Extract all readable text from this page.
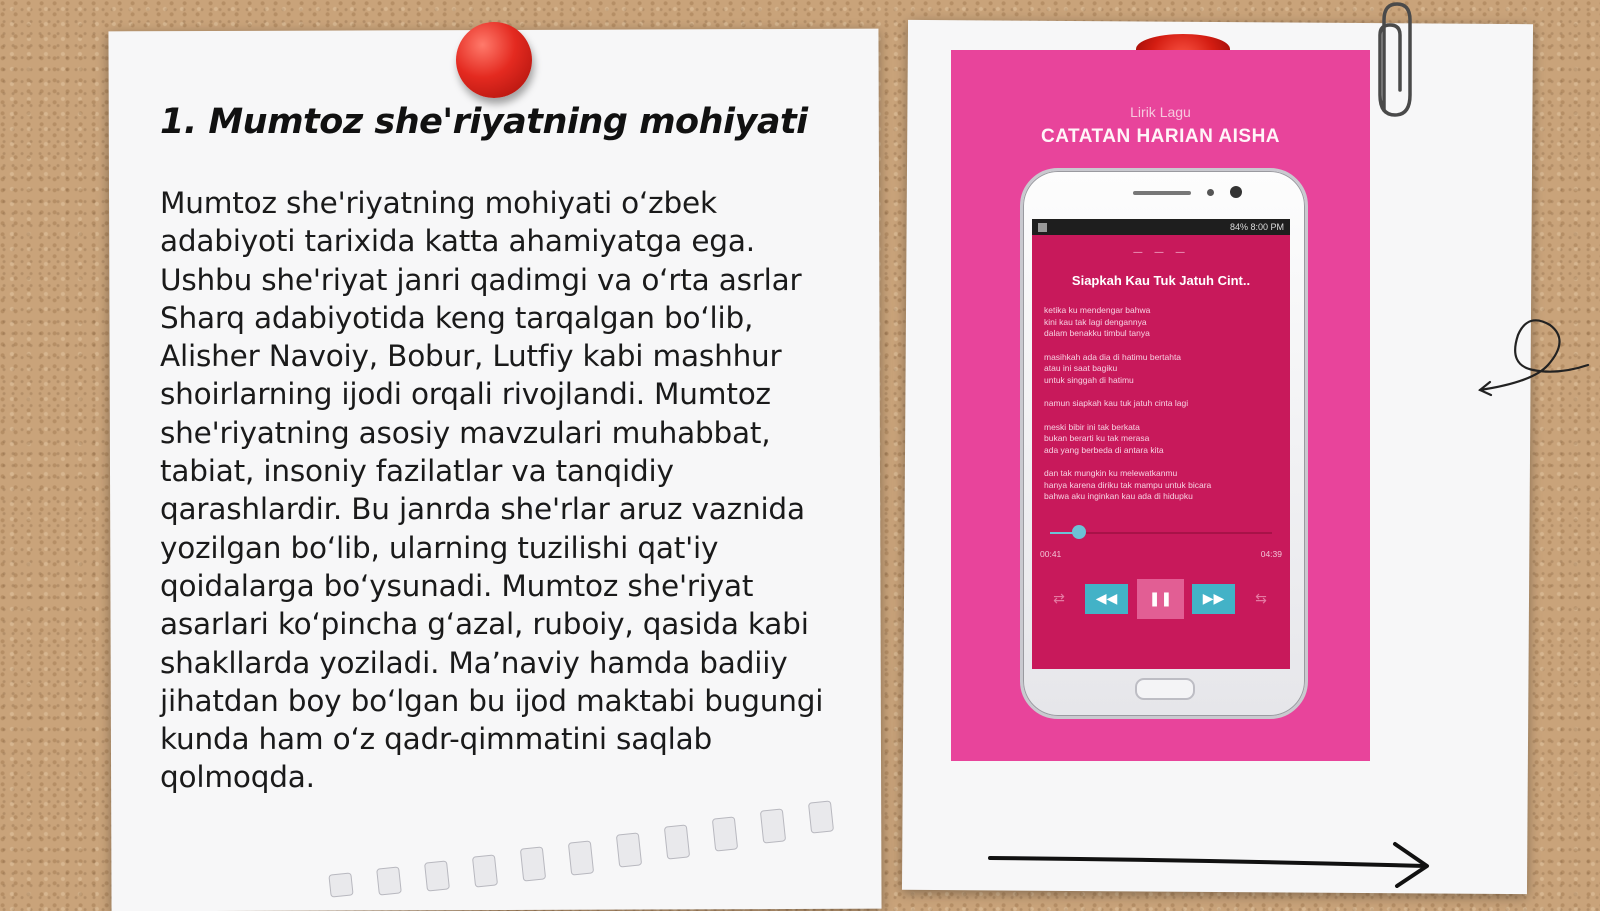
1. Mumtoz she'riyatning mohiyati

Mumtoz she'riyatning mohiyati o‘zbek adabiyoti tarixida katta ahamiyatga ega. Ushbu she'riyat janri qadimgi va o‘rta asrlar Sharq adabiyotida keng tarqalgan bo‘lib, Alisher Navoiy, Bobur, Lutfiy kabi mashhur shoirlarning ijodi orqali rivojlandi. Mumtoz she'riyatning asosiy mavzulari muhabbat, tabiat, insoniy fazilatlar va tanqidiy qarashlardir. Bu janrda she'rlar aruz vaznida yozilgan bo‘lib, ularning tuzilishi qat'iy qoidalarga bo‘ysunadi. Mumtoz she'riyat asarlari ko‘pincha g‘azal, ruboiy, qasida kabi shakllarda yoziladi. Ma’naviy hamda badiiy jihatdan boy bo‘lgan bu ijod maktabi bugungi kunda ham o‘z qadr-qimmatini saqlab qolmoqda.

Lirik Lagu
CATATAN HARIAN AISHA
84% 8:00 PM
— — —
Siapkah Kau Tuk Jatuh Cint..
ketika ku mendengar bahwa
kini kau tak lagi dengannya
dalam benakku timbul tanya
masihkah ada dia di hatimu bertahta
atau ini saat bagiku
untuk singgah di hatimu
namun siapkah kau tuk jatuh cinta lagi
meski bibir ini tak berkata
bukan berarti ku tak merasa
ada yang berbeda di antara kita
dan tak mungkin ku melewatkanmu
hanya karena diriku tak mampu untuk bicara
bahwa aku inginkan kau ada di hidupku
00:41	04:39
⇄	◀◀	❚❚	▶▶	⇆
